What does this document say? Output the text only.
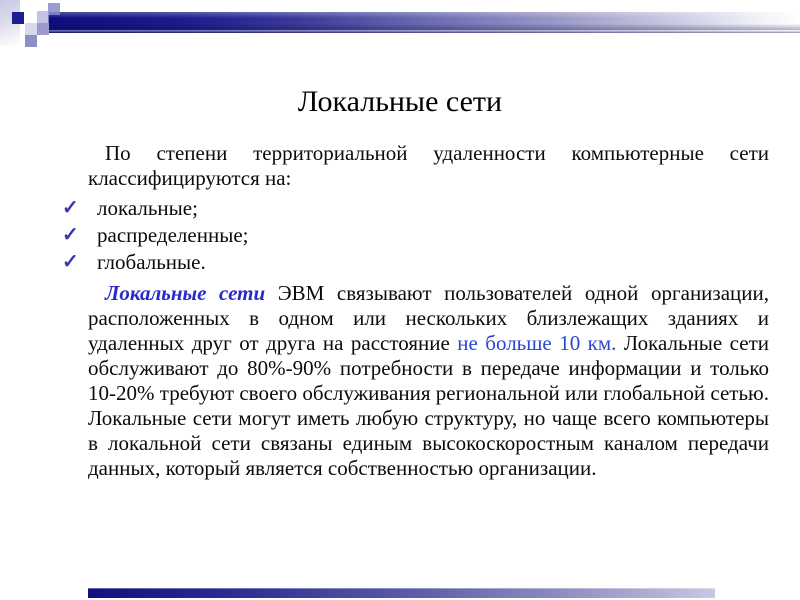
Локальные сети

По степени территориальной удаленности компьютерные сети классифицируются на:

✓ локальные;
✓ распределенные;
✓ глобальные.

Локальные сети ЭВМ связывают пользователей одной организации, расположенных в одном или нескольких близлежащих зданиях и удаленных друг от друга на расстояние не больше 10 км. Локальные сети обслуживают до 80%-90% потребности в передаче информации и только 10-20% требуют своего обслуживания региональной или глобальной сетью. Локальные сети могут иметь любую структуру, но чаще всего компьютеры в локальной сети связаны единым высокоскоростным каналом передачи данных, который является собственностью организации.
